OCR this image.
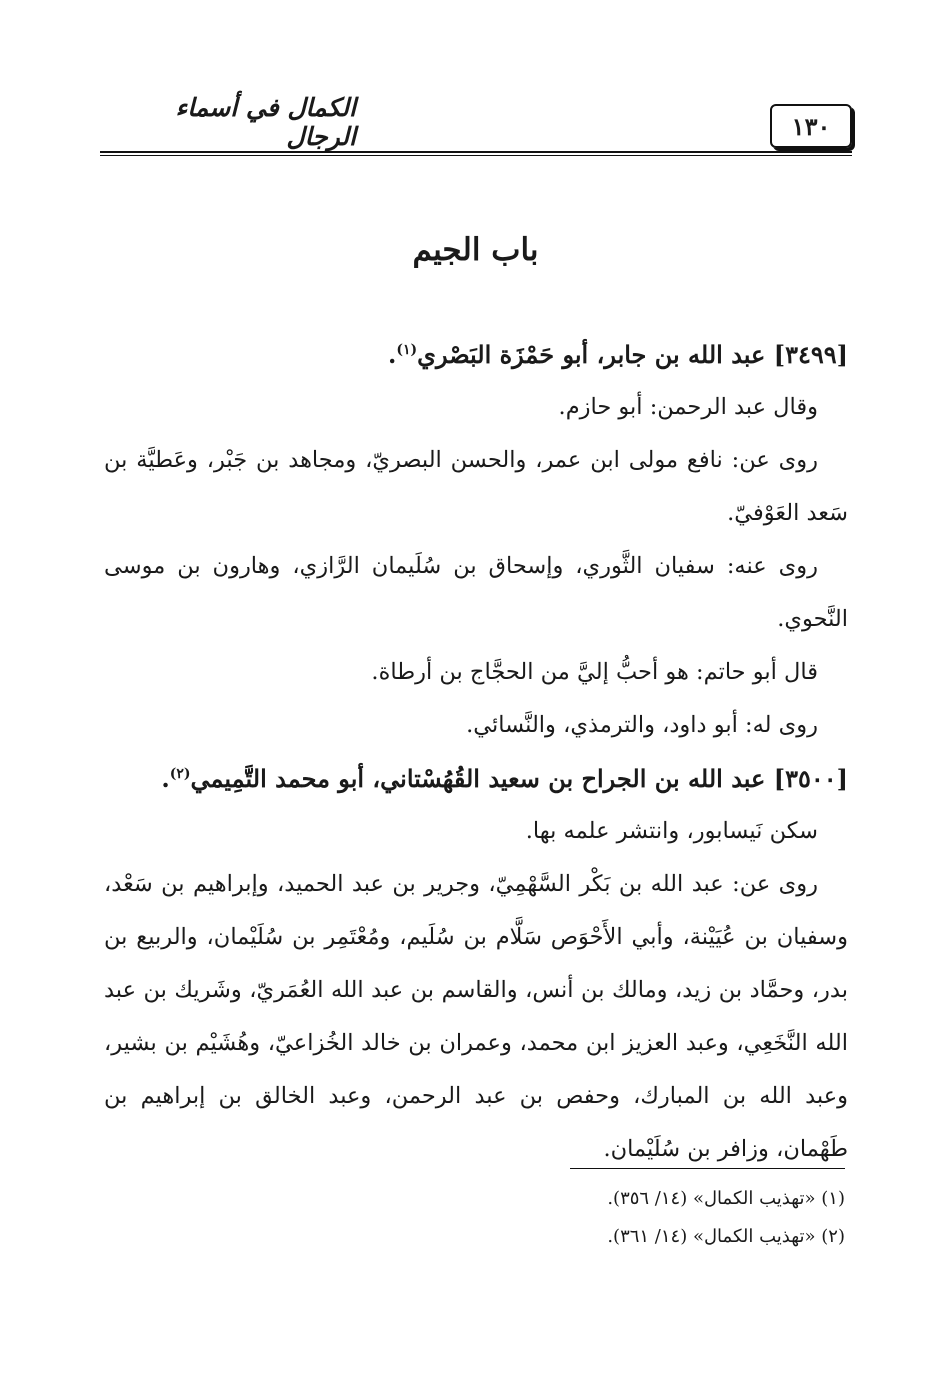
١٣٠
الكمال في أسماء الرجال
باب الجيم

[٣٤٩٩] عبد الله بن جابر، أبو حَمْزَة البَصْري$^{(١)}$.

وقال عبد الرحمن: أبو حازم.

روى عن: نافع مولى ابن عمر، والحسن البصريّ، ومجاهد بن جَبْر، وعَطيَّة بن سَعد العَوْفيّ.

روى عنه: سفيان الثَّوري، وإسحاق بن سُلَيمان الرَّازي، وهارون بن موسى النَّحوي.

قال أبو حاتم: هو أحبُّ إليَّ من الحجَّاج بن أرطاة.

روى له: أبو داود، والترمذي، والنَّسائي.

[٣٥٠٠] عبد الله بن الجراح بن سعيد القُهُسْتاني، أبو محمد التَّمِيمي$^{(٢)}$.

سكن نَيسابور، وانتشر علمه بها.

روى عن: عبد الله بن بَكْر السَّهْمِيّ، وجرير بن عبد الحميد، وإبراهيم بن سَعْد، وسفيان بن عُيَيْنة، وأبي الأَحْوَص سَلَّام بن سُلَيم، ومُعْتَمِر بن سُلَيْمان، والربيع بن بدر، وحمَّاد بن زيد، ومالك بن أنس، والقاسم بن عبد الله العُمَريّ، وشَريك بن عبد الله النَّخَعِي، وعبد العزيز ابن محمد، وعمران بن خالد الخُزاعيّ، وهُشَيْم بن بشير، وعبد الله بن المبارك، وحفص بن عبد الرحمن، وعبد الخالق بن إبراهيم بن طَهْمان، وزافر بن سُلَيْمان.

(١) «تهذيب الكمال» (١٤/ ٣٥٦).

(٢) «تهذيب الكمال» (١٤/ ٣٦١).
